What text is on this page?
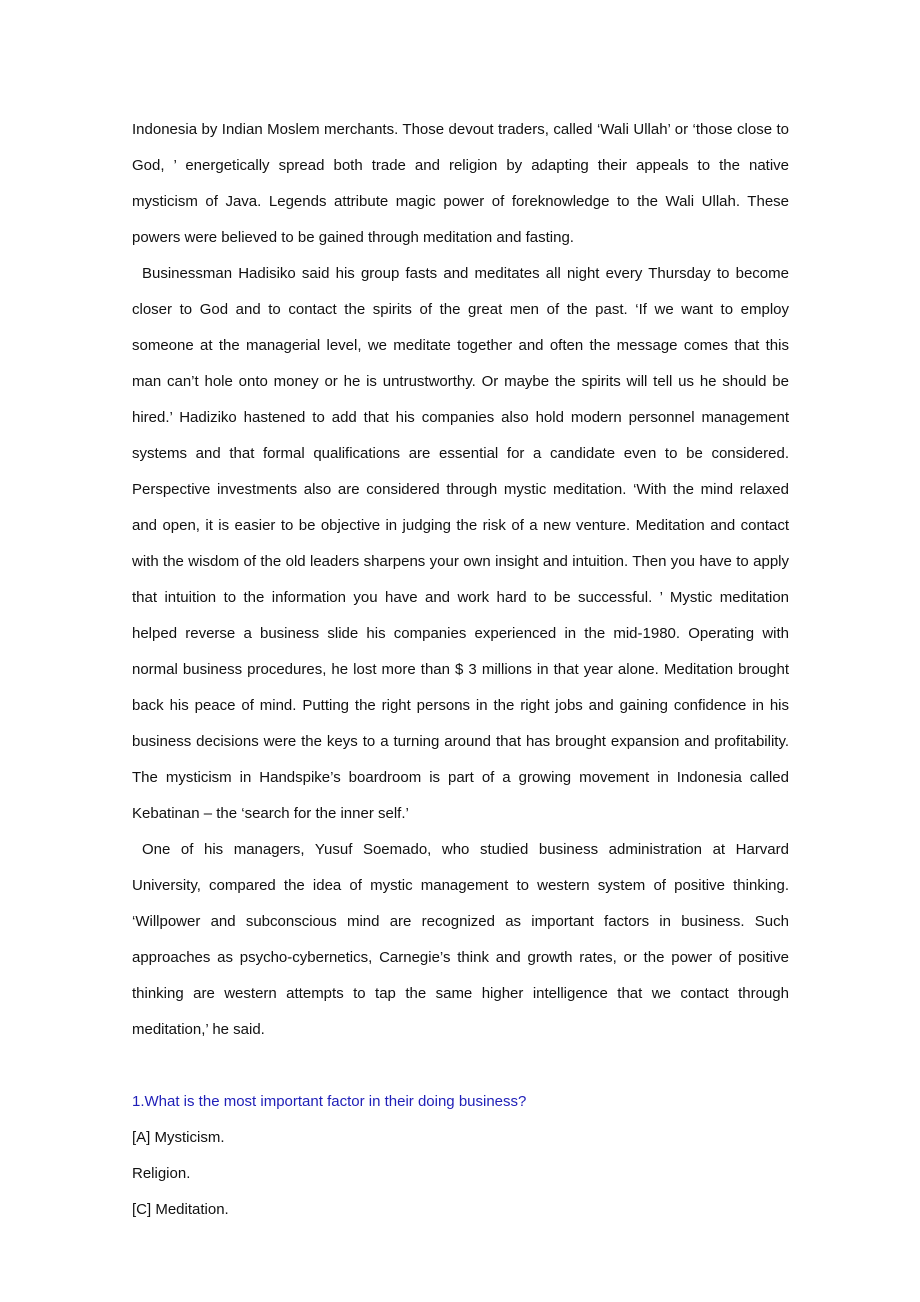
Indonesia by Indian Moslem merchants. Those devout traders, called ‘Wali Ullah’ or ‘those close to God, ’ energetically spread both trade and religion by adapting their appeals to the native mysticism of Java. Legends attribute magic power of foreknowledge to the Wali Ullah. These powers were believed to be gained through meditation and fasting.

Businessman Hadisiko said his group fasts and meditates all night every Thursday to become closer to God and to contact the spirits of the great men of the past. ‘If we want to employ someone at the managerial level, we meditate together and often the message comes that this man can’t hole onto money or he is untrustworthy. Or maybe the spirits will tell us he should be hired.’ Hadiziko hastened to add that his companies also hold modern personnel management systems and that formal qualifications are essential for a candidate even to be considered. Perspective investments also are considered through mystic meditation. ‘With the mind relaxed and open, it is easier to be objective in judging the risk of a new venture. Meditation and contact with the wisdom of the old leaders sharpens your own insight and intuition. Then you have to apply that intuition to the information you have and work hard to be successful. ’ Mystic meditation helped reverse a business slide his companies experienced in the mid-1980. Operating with normal business procedures, he lost more than $ 3 millions in that year alone. Meditation brought back his peace of mind. Putting the right persons in the right jobs and gaining confidence in his business decisions were the keys to a turning around that has brought expansion and profitability. The mysticism in Handspike’s boardroom is part of a growing movement in Indonesia called Kebatinan – the ‘search for the inner self.’

One of his managers, Yusuf Soemado, who studied business administration at Harvard University, compared the idea of mystic management to western system of positive thinking. ‘Willpower and subconscious mind are recognized as important factors in business. Such approaches as psycho-cybernetics, Carnegie’s think and growth rates, or the power of positive thinking are western attempts to tap the same higher intelligence that we contact through meditation,’ he said.

1.What is the most important factor in their doing business?

[A] Mysticism.

Religion.

[C] Meditation.
